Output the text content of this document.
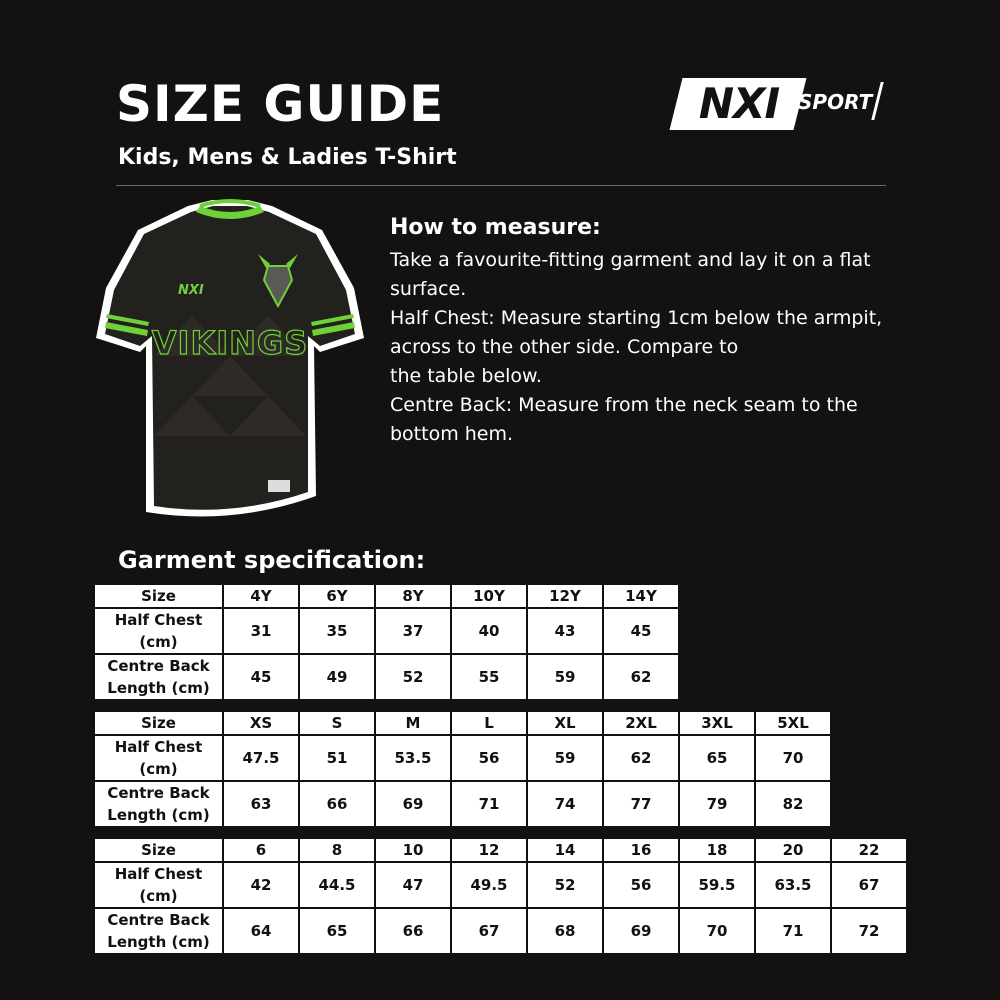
SIZE GUIDE
Kids, Mens & Ladies T-Shirt
NXI SPORT
NXI
VIKINGS
How to measure:

Take a favourite-fitting garment and lay it on a flat surface.

Half Chest: Measure starting 1cm below the armpit, across to the other side. Compare to

the table below.

Centre Back: Measure from the neck seam to the bottom hem.

Garment specification:
Size	4Y	6Y	8Y	10Y	12Y	14Y
Half Chest
(cm)	31	35	37	40	43	45
Centre Back
Length (cm)	45	49	52	55	59	62
Size	XS	S	M	L	XL	2XL	3XL	5XL
Half Chest
(cm)	47.5	51	53.5	56	59	62	65	70
Centre Back
Length (cm)	63	66	69	71	74	77	79	82
Size	6	8	10	12	14	16	18	20	22
Half Chest
(cm)	42	44.5	47	49.5	52	56	59.5	63.5	67
Centre Back
Length (cm)	64	65	66	67	68	69	70	71	72
